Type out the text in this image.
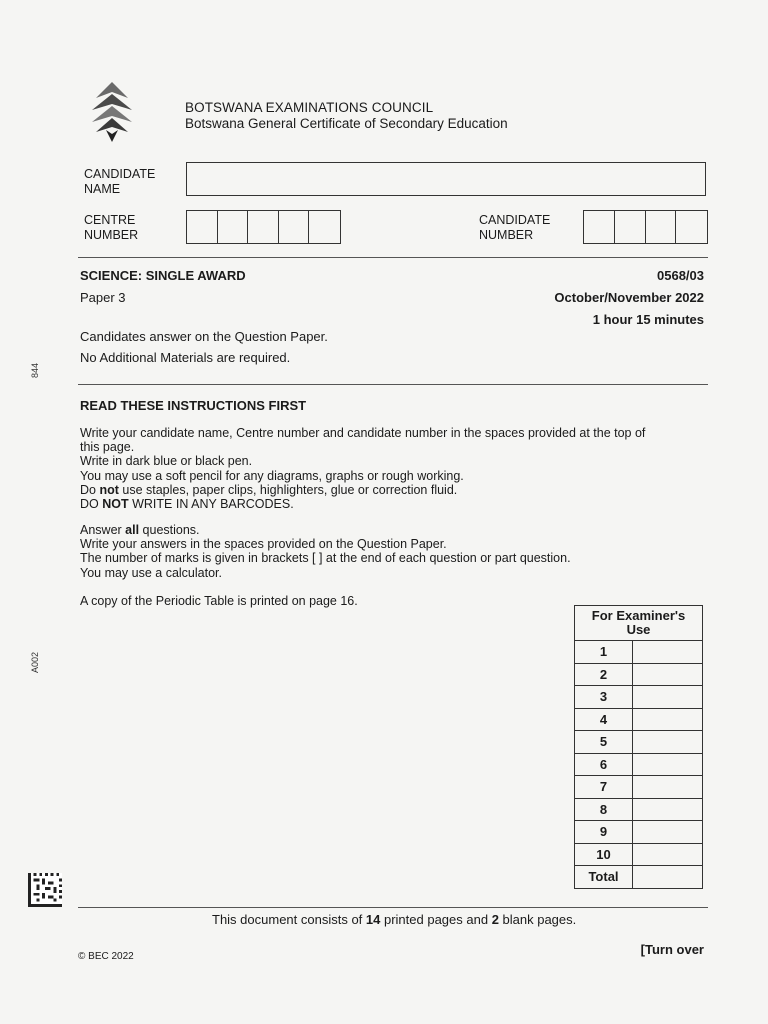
BOTSWANA EXAMINATIONS COUNCIL
Botswana General Certificate of Secondary Education
CANDIDATE
NAME
CENTRE
NUMBER
CANDIDATE
NUMBER
SCIENCE: SINGLE AWARD	0568/03
Paper 3	October/November 2022
1 hour 15 minutes
Candidates answer on the Question Paper.
No Additional Materials are required.
READ THESE INSTRUCTIONS FIRST
Write your candidate name, Centre number and candidate number in the spaces provided at the top of
this page.
Write in dark blue or black pen.
You may use a soft pencil for any diagrams, graphs or rough working.
Do not use staples, paper clips, highlighters, glue or correction fluid.
DO NOT WRITE IN ANY BARCODES.
Answer all questions.
Write your answers in the spaces provided on the Question Paper.
The number of marks is given in brackets [ ] at the end of each question or part question.
You may use a calculator.
A copy of the Periodic Table is printed on page 16.
For Examiner's
Use	

1	
2	
3	
4	
5	
6	
7	
8	
9	
10	
Total	
844
A002
This document consists of 14 printed pages and 2 blank pages.
[Turn over
© BEC 2022
